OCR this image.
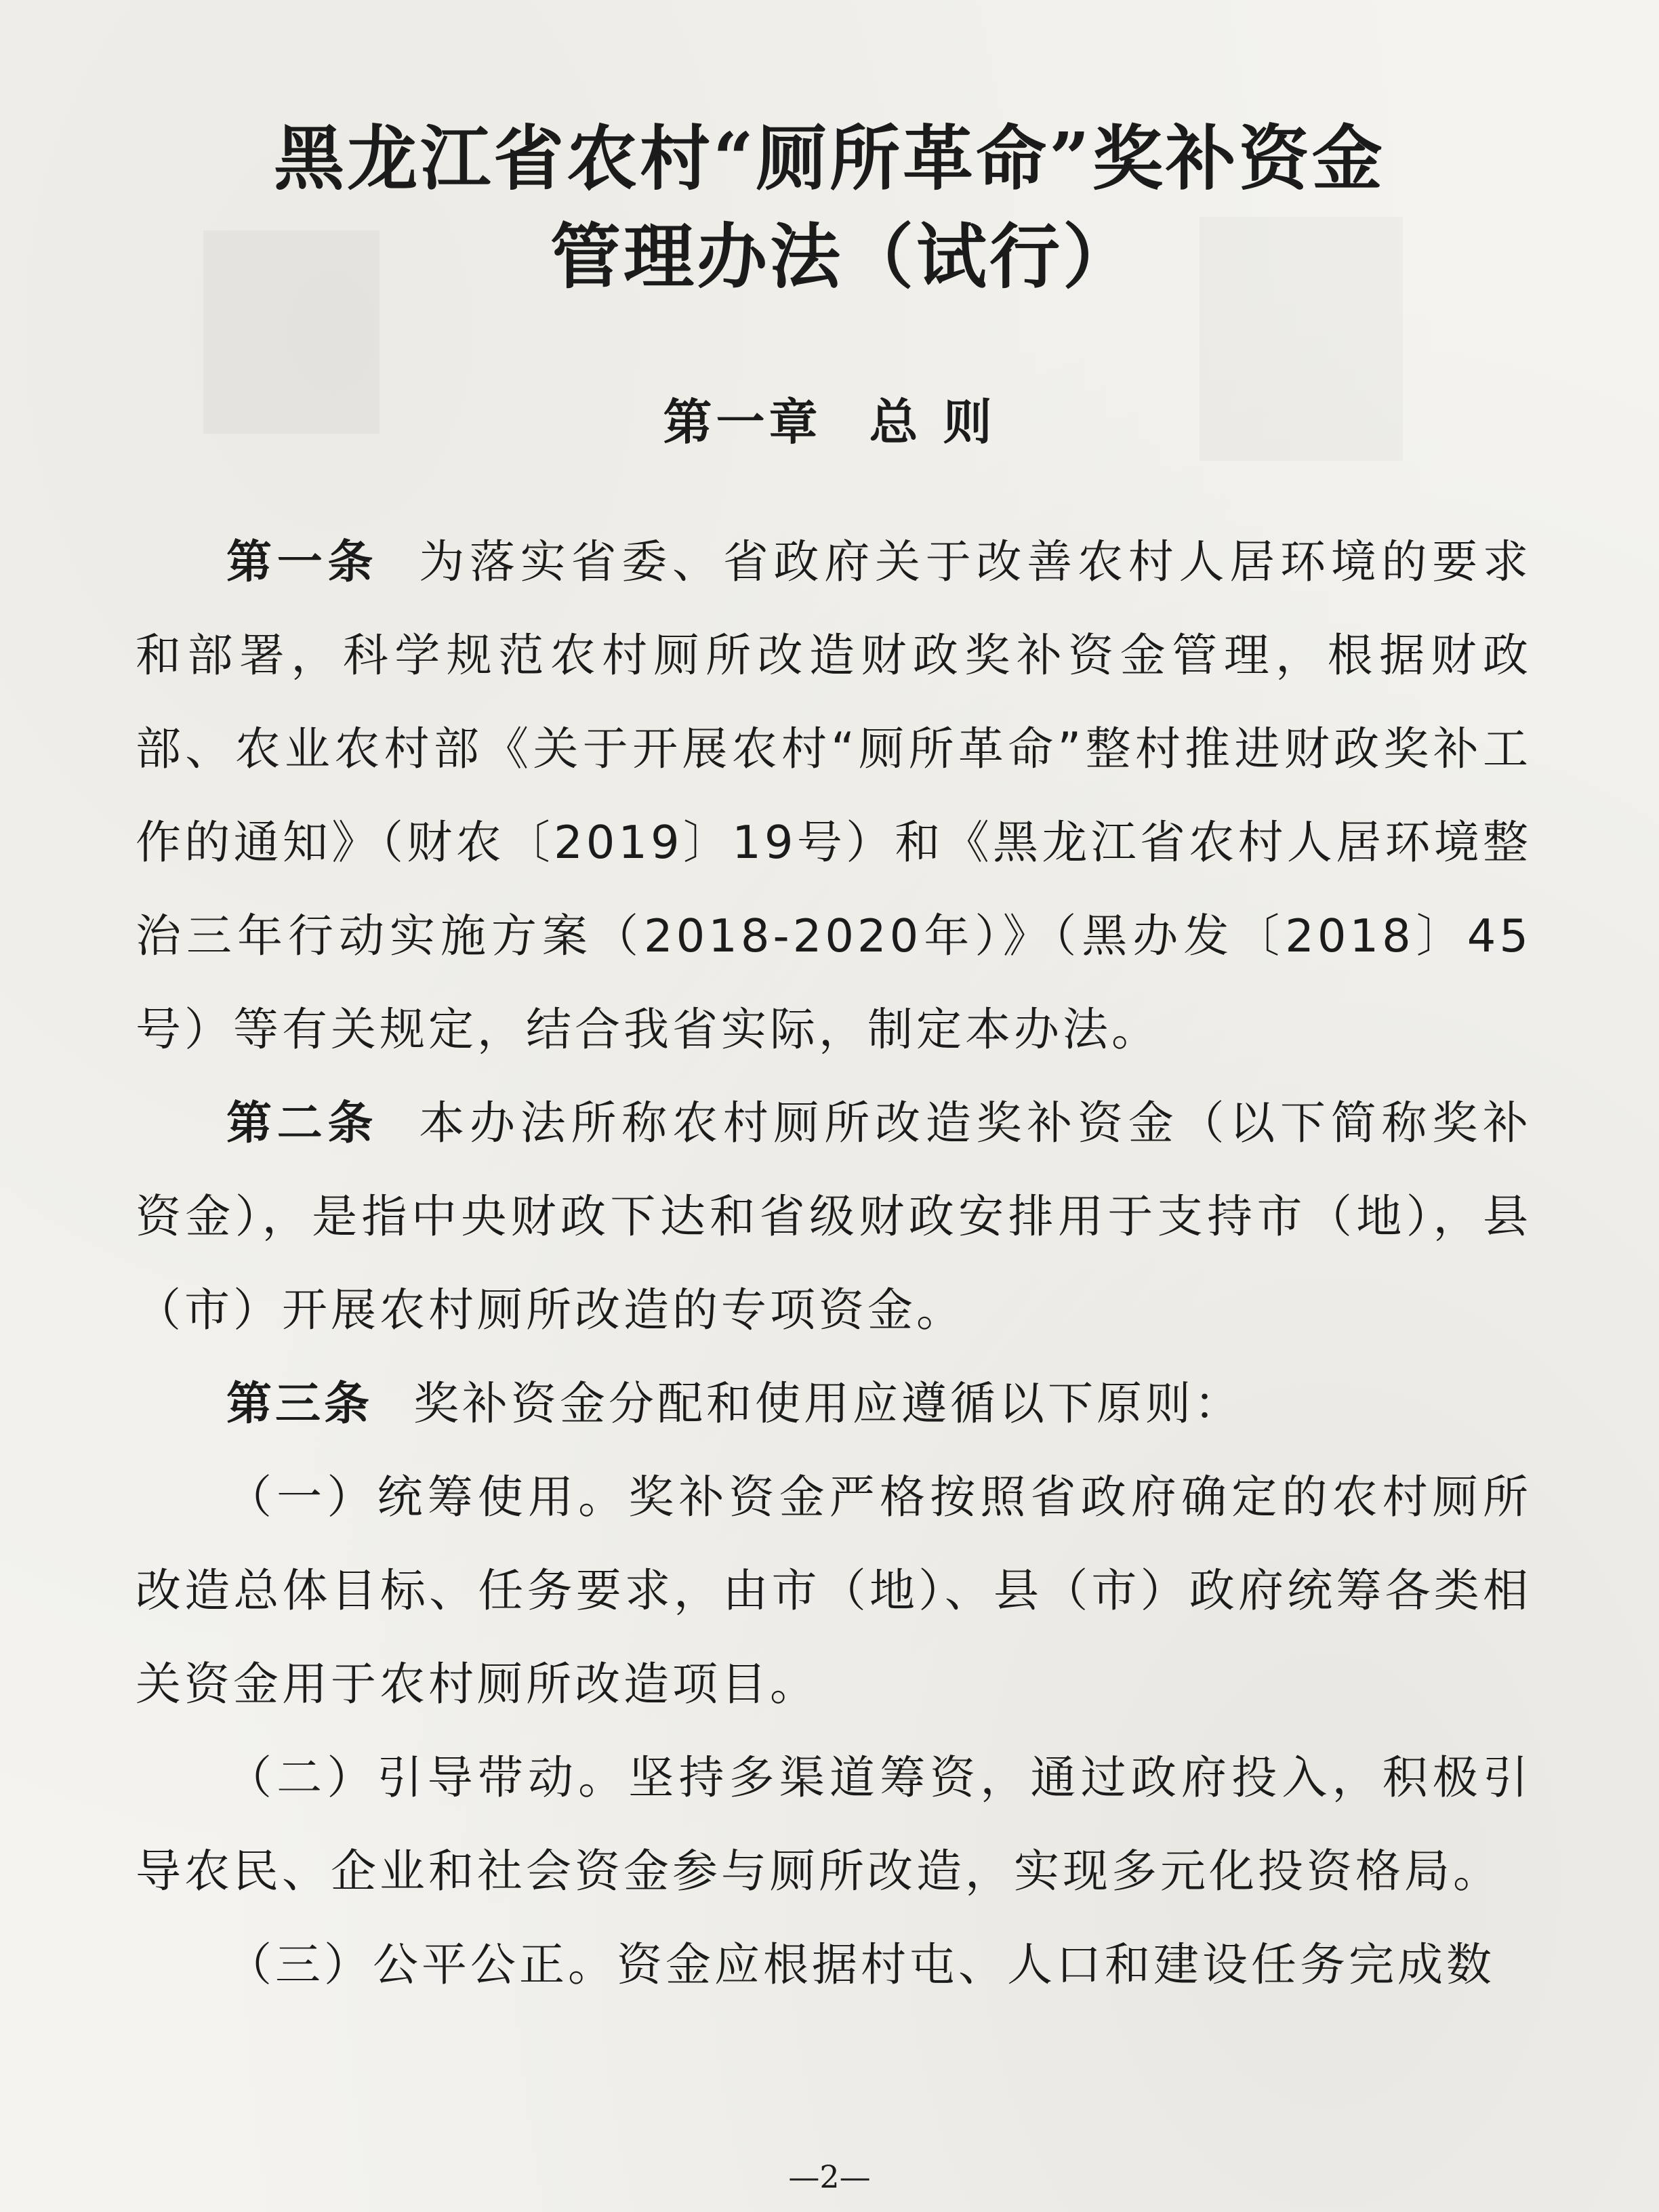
黑龙江省农村“厕所革命”奖补资金
管理办法（试行）
第一章 总 则

第一条 为落实省委、省政府关于改善农村人居环境的要求和部署，科学规范农村厕所改造财政奖补资金管理，根据财政部、农业农村部《关于开展农村“厕所革命”整村推进财政奖补工作的通知》（财农〔2019〕19号）和《黑龙江省农村人居环境整治三年行动实施方案（2018-2020年）》（黑办发〔2018〕45号）等有关规定，结合我省实际，制定本办法。

第二条 本办法所称农村厕所改造奖补资金（以下简称奖补资金），是指中央财政下达和省级财政安排用于支持市（地），县（市）开展农村厕所改造的专项资金。

第三条 奖补资金分配和使用应遵循以下原则：

（一）统筹使用。奖补资金严格按照省政府确定的农村厕所改造总体目标、任务要求，由市（地）、县（市）政府统筹各类相关资金用于农村厕所改造项目。

（二）引导带动。坚持多渠道筹资，通过政府投入，积极引导农民、企业和社会资金参与厕所改造，实现多元化投资格局。

（三）公平公正。资金应根据村屯、人口和建设任务完成数

—2—
